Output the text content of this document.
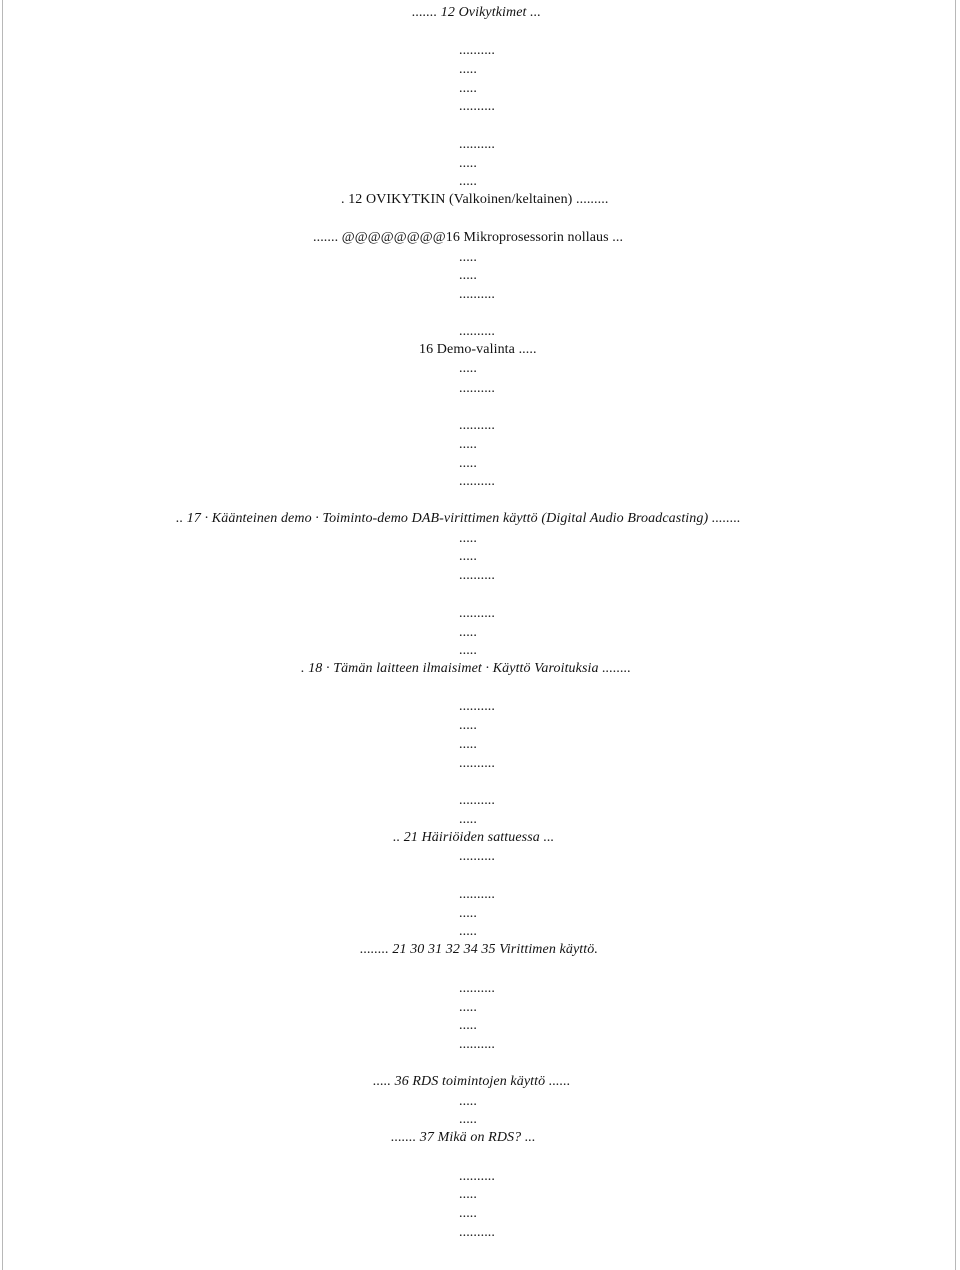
....... 12 Ovikytkimet ...
..........
.....
.....
..........
..........
.....
.....
. 12 OVIKYTKIN (Valkoinen/keltainen) .........
....... @@@@@@@@16 Mikroprosessorin nollaus ...
.....
.....
..........
..........
16 Demo-valinta .....
.....
..........
..........
.....
.....
..........
.. 17 · Käänteinen demo · Toiminto-demo DAB-virittimen käyttö (Digital Audio Broadcasting) ........
.....
.....
..........
..........
.....
.....
. 18 · Tämän laitteen ilmaisimet · Käyttö Varoituksia ........
..........
.....
.....
..........
..........
.....
.. 21 Häiriöiden sattuessa ...
..........
..........
.....
.....
........ 21 30 31 32 34 35 Virittimen käyttö.
..........
.....
.....
..........
..... 36 RDS toimintojen käyttö ......
.....
.....
....... 37 Mikä on RDS? ...
..........
.....
.....
..........
